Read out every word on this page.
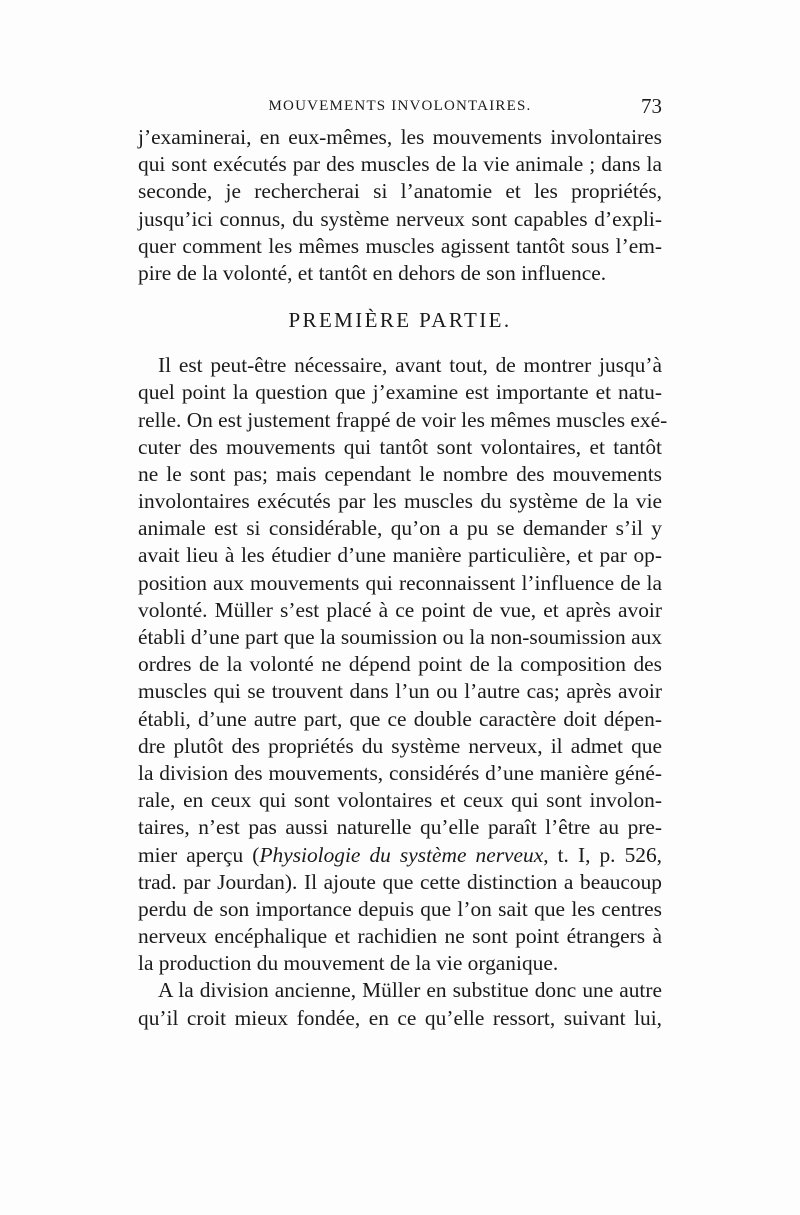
MOUVEMENTS INVOLONTAIRES.	73
j’examinerai, en eux-mêmes, les mouvements involontaires
qui sont exécutés par des muscles de la vie animale ; dans la
seconde, je rechercherai si l’anatomie et les propriétés,
jusqu’ici connus, du système nerveux sont capables d’expli-
quer comment les mêmes muscles agissent tantôt sous l’em-
pire de la volonté, et tantôt en dehors de son influence.
PREMIÈRE PARTIE.
Il est peut-être nécessaire, avant tout, de montrer jusqu’à
quel point la question que j’examine est importante et natu-
relle. On est justement frappé de voir les mêmes muscles exé-
cuter des mouvements qui tantôt sont volontaires, et tantôt
ne le sont pas; mais cependant le nombre des mouvements
involontaires exécutés par les muscles du système de la vie
animale est si considérable, qu’on a pu se demander s’il y
avait lieu à les étudier d’une manière particulière, et par op-
position aux mouvements qui reconnaissent l’influence de la
volonté. Müller s’est placé à ce point de vue, et après avoir
établi d’une part que la soumission ou la non-soumission aux
ordres de la volonté ne dépend point de la composition des
muscles qui se trouvent dans l’un ou l’autre cas; après avoir
établi, d’une autre part, que ce double caractère doit dépen-
dre plutôt des propriétés du système nerveux, il admet que
la division des mouvements, considérés d’une manière géné-
rale, en ceux qui sont volontaires et ceux qui sont involon-
taires, n’est pas aussi naturelle qu’elle paraît l’être au pre-
mier aperçu (Physiologie du système nerveux, t. I, p. 526,
trad. par Jourdan). Il ajoute que cette distinction a beaucoup
perdu de son importance depuis que l’on sait que les centres
nerveux encéphalique et rachidien ne sont point étrangers à
la production du mouvement de la vie organique.
A la division ancienne, Müller en substitue donc une autre
qu’il croit mieux fondée, en ce qu’elle ressort, suivant lui,
